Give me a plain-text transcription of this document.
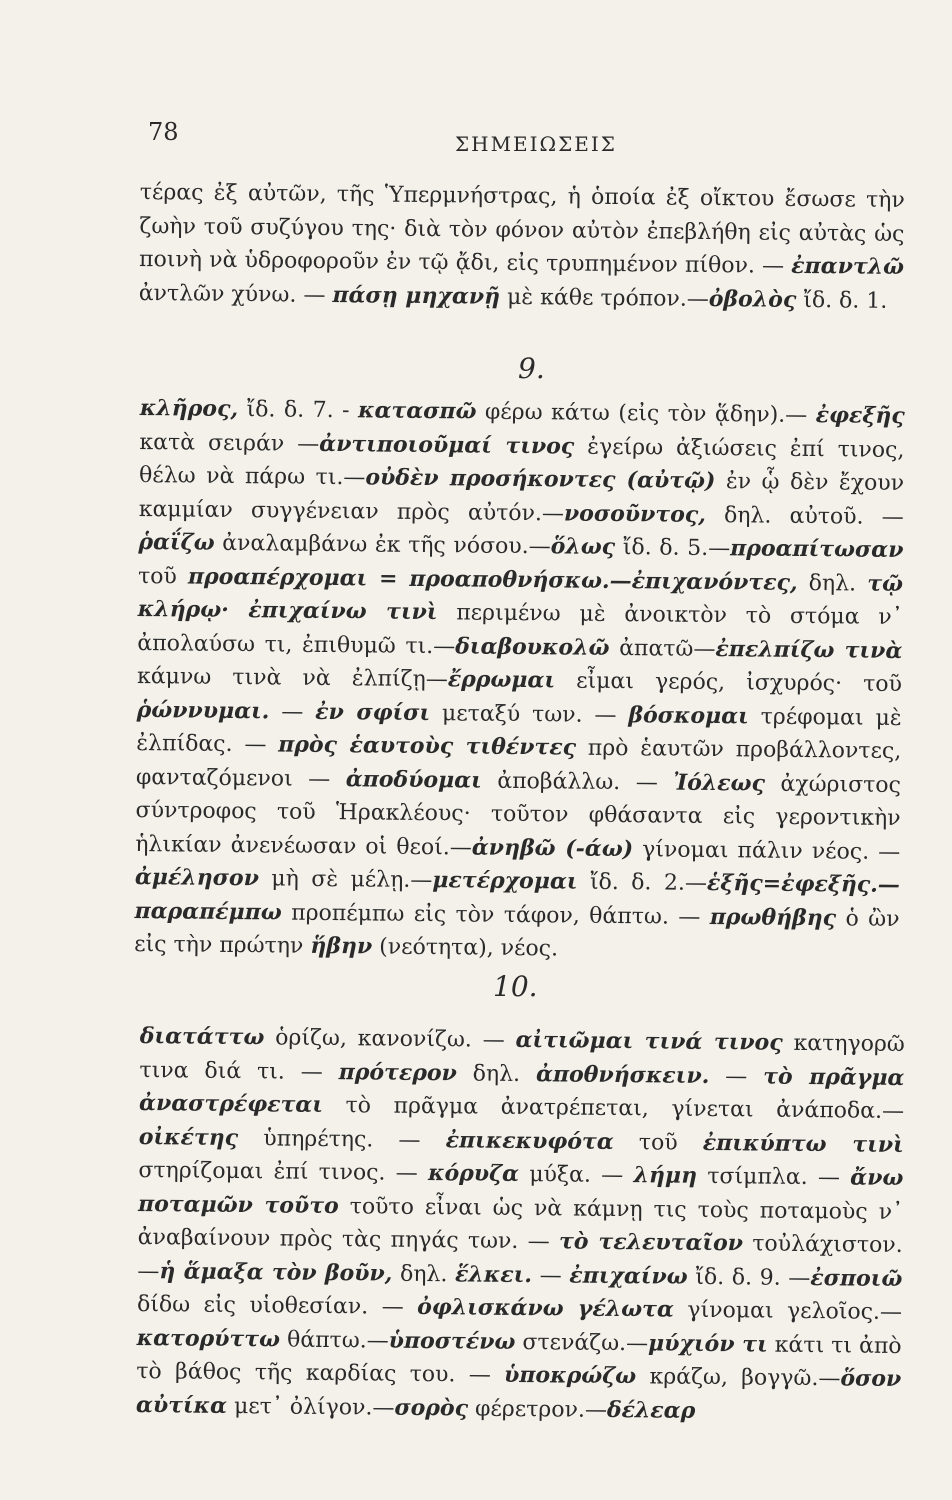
78	ΣΗΜΕΙΩΣΕΙΣ

τέρας ἐξ αὐτῶν, τῆς Ὑπερμνήστρας, ἡ ὁποία ἐξ οἴκτου ἔσωσε τὴν ζωὴν τοῦ συζύγου της· διὰ τὸν φόνον αὐτὸν ἐπεβλήθη εἰς αὐτὰς ὡς ποινὴ νὰ ὑδροφοροῦν ἐν τῷ ᾄδι, εἰς τρυπημένον πίθον. — ἐπαντλῶ ἀντλῶν χύνω. — πάσῃ μηχανῇ μὲ κάθε τρόπον.—ὀβολὸς ἴδ. δ. 1.

9.

κλῆρος, ἴδ. δ. 7. - κατασπῶ φέρω κάτω (εἰς τὸν ᾅδην).— ἐφεξῆς κατὰ σειράν —ἀντιποιοῦμαί τινος ἐγείρω ἀξιώσεις ἐπί τινος, θέλω νὰ πάρω τι.—οὐδὲν προσήκοντες (αὐτῷ) ἐν ᾧ δὲν ἔχουν καμμίαν συγγένειαν πρὸς αὐτόν.—νοσοῦντος, δηλ. αὐτοῦ. —ῥαΐζω ἀναλαμβάνω ἐκ τῆς νόσου.—ὅλως ἴδ. δ. 5.—προαπίτωσαν τοῦ προαπέρχομαι = προαποθνήσκω.—ἐπιχανόντες, δηλ. τῷ κλήρῳ· ἐπιχαίνω τινὶ περιμένω μὲ ἀνοικτὸν τὸ στόμα ν᾽ ἀπολαύσω τι, ἐπιθυμῶ τι.—διαβουκολῶ ἀπατῶ—ἐπελπίζω τινὰ κάμνω τινὰ νὰ ἐλπίζῃ—ἔρρωμαι εἶμαι γερός, ἰσχυρός· τοῦ ῥώννυμαι. — ἐν σφίσι μεταξύ των. — βόσκομαι τρέφομαι μὲ ἐλπίδας. — πρὸς ἑαυτοὺς τιθέντες πρὸ ἑαυτῶν προβάλλοντες, φανταζόμενοι — ἀποδύομαι ἀποβάλλω. — Ἰόλεως ἀχώριστος σύντροφος τοῦ Ἡρακλέους· τοῦτον φθάσαντα εἰς γεροντικὴν ἡλικίαν ἀνενέωσαν οἱ θεοί.—ἀνηβῶ (-άω) γίνομαι πάλιν νέος. —ἀμέλησον μὴ σὲ μέλῃ.—μετέρχομαι ἴδ. δ. 2.—ἑξῆς=ἐφεξῆς.—παραπέμπω προπέμπω εἰς τὸν τάφον, θάπτω. — πρωθήβης ὁ ὢν εἰς τὴν πρώτην ἥβην (νεότητα), νέος.

10.

διατάττω ὁρίζω, κανονίζω. — αἰτιῶμαι τινά τινος κατηγορῶ τινα διά τι. — πρότερον δηλ. ἀποθνήσκειν. — τὸ πρᾶγμα ἀναστρέφεται τὸ πρᾶγμα ἀνατρέπεται, γίνεται ἀνάποδα.— οἰκέτης ὑπηρέτης. — ἐπικεκυφότα τοῦ ἐπικύπτω τινὶ στηρίζομαι ἐπί τινος. — κόρυζα μύξα. — λήμη τσίμπλα. — ἄνω ποταμῶν τοῦτο τοῦτο εἶναι ὡς νὰ κάμνῃ τις τοὺς ποταμοὺς ν᾽ ἀναβαίνουν πρὸς τὰς πηγάς των. — τὸ τελευταῖον τοὐλάχιστον.—ἡ ἅμαξα τὸν βοῦν, δηλ. ἕλκει. — ἐπιχαίνω ἴδ. δ. 9. —ἐσποιῶ δίδω εἰς υἱοθεσίαν. — ὀφλισκάνω γέλωτα γίνομαι γελοῖος.—κατορύττω θάπτω.—ὑποστένω στενάζω.—μύχιόν τι κάτι τι ἀπὸ τὸ βάθος τῆς καρδίας του. — ὑποκρώζω κράζω, βογγῶ.—ὅσον αὐτίκα μετ᾽ ὀλίγον.—σορὸς φέρετρον.—δέλεαρ
